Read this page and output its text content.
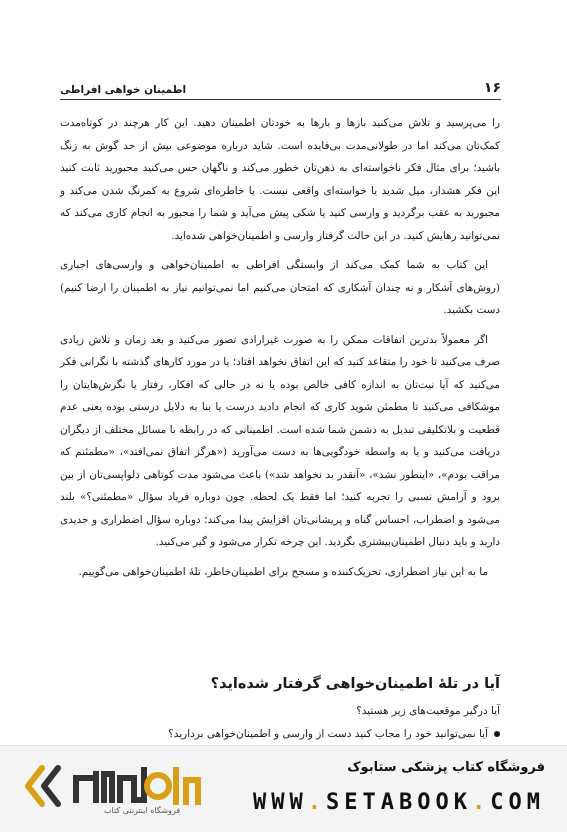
۱۶
اطمینان خواهی افراطی

را می‌پرسید و تلاش می‌کنید بارها و بارها به خودتان اطمینان دهید. این کار هرچند در کوتاه‌مدت کمک‌تان می‌کند اما در طولانی‌مدت بی‌فایده است. شاید درباره موضوعی بیش از حد گوش به زنگ باشید؛ برای مثال فکر ناخواسته‌ای به ذهن‌تان خطور می‌کند و ناگهان حس می‌کنید مجبورید ثابت کنید این فکر هشدار، میل شدید یا خواسته‌ای واقعی نیست. یا خاطره‌ای شروع به کمرنگ شدن می‌کند و مجبورید به عقب برگردید و وارسی کنید یا شکی پیش می‌آید و شما را مجبور به انجام کاری می‌کند که نمی‌توانید رهایش کنید. در این حالت گرفتار وارسی و اطمینان‌خواهی شده‌اید.

این کتاب به شما کمک می‌کند از وابستگی افراطی به اطمینان‌خواهی و وارسی‌های اجباری (روش‌های آشکار و نه چندان آشکاری که امتحان می‌کنیم اما نمی‌توانیم نیاز به اطمینان را ارضا کنیم) دست بکشید.

اگر معمولاً بدترین اتفاقات ممکن را به صورت غیرارادی تصور می‌کنید و بعد زمان و تلاش زیادی صرف می‌کنید تا خود را متقاعد کنید که این اتفاق نخواهد افتاد؛ یا در مورد کارهای گذشته با نگرانی فکر می‌کنید که آیا نیت‌تان به اندازه کافی خالص بوده یا نه در حالی که افکار، رفتار یا نگرش‌هایتان را موشکافی می‌کنید تا مطمئن شوید کاری که انجام دادید درست یا بنا به دلایل درستی بوده یعنی عدم قطعیت و بلاتکلیفی تبدیل به دشمن شما شده است. اطمینانی که در رابطه با مسائل مختلف از دیگران دریافت می‌کنید و یا به واسطه خودگویی‌ها به دست می‌آورید («هرگز اتفاق نمی‌افتد»، «مطمئنم که مراقب بودم»، «اینطور نشد»، «آنقدر بد نخواهد شد») باعث می‌شود مدت کوتاهی دلواپسی‌تان از بین برود و آرامش نسبی را تجربه کنید؛ اما فقط یک لحظه. چون دوباره فریاد سؤال «مطمئنی؟» بلند می‌شود و اضطراب، احساس گناه و پریشانی‌تان افزایش پیدا می‌کند؛ دوباره سؤال اضطراری و جدیدی دارید و باید دنبال اطمینان‌بیشتری بگردید. این چرخه تکرار می‌شود و گیر می‌کنید.

ما به این نیاز اضطراری، تحریک‌کننده و مسجح برای اطمینان‌خاطر، تلهٔ اطمینان‌خواهی می‌گوییم.

آیا در تلهٔ اطمینان‌خواهی گرفتار شده‌اید؟
آیا درگیر موقعیت‌های زیر هستید؟
آیا نمی‌توانید خود را مجاب کنید دست از وارسی و اطمینان‌خواهی بردارید؟
فروشگاه اینترنتی کتاب
فروشگاه کتاب پزشکی ستابوک
WWW.SETABOOK.COM
